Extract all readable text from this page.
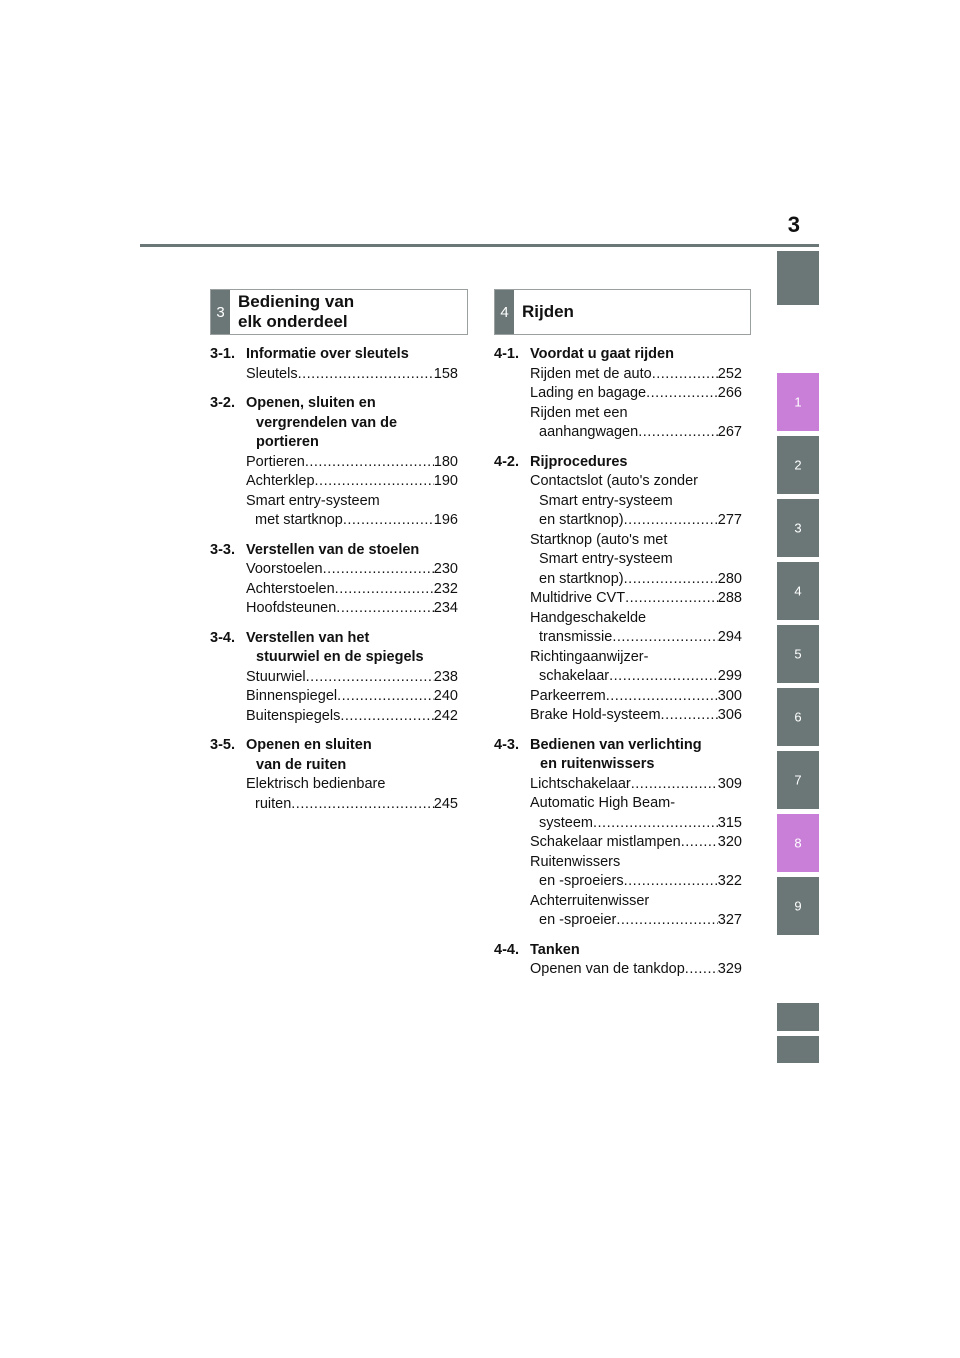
3
1
2
3
4
5
6
7
8
9
3
Bediening van
elk onderdeel	4 Rijden
3-1. Informatie over sleutels
Sleutels .....	158
3-2. Openen, sluiten en
vergrendelen van de
portieren
Portieren .....	180
Achterklep .....	190
Smart entry-systeem
met startknop .....	196
3-3. Verstellen van de stoelen
Voorstoelen .....	230
Achterstoelen .....	232
Hoofdsteunen .....	234
3-4. Verstellen van het
stuurwiel en de spiegels
Stuurwiel .....	238
Binnenspiegel .....	240
Buitenspiegels .....	242
3-5. Openen en sluiten
van de ruiten
Elektrisch bedienbare
ruiten .....	245
4-1. Voordat u gaat rijden
Rijden met de auto .....	252
Lading en bagage .....	266
Rijden met een
aanhangwagen .....	267
4-2. Rijprocedures
Contactslot (auto's zonder
Smart entry-systeem
en startknop) .....	277
Startknop (auto's met
Smart entry-systeem
en startknop) .....	280
Multidrive CVT .....	288
Handgeschakelde
transmissie .....	294
Richtingaanwijzer-
schakelaar .....	299
Parkeerrem .....	300
Brake Hold-systeem .....	306
4-3. Bedienen van verlichting
en ruitenwissers
Lichtschakelaar .....	309
Automatic High Beam-
systeem .....	315
Schakelaar mistlampen .....	320
Ruitenwissers
en -sproeiers .....	322
Achterruitenwisser
en -sproeier .....	327
4-4. Tanken
Openen van de tankdop ..... 329
